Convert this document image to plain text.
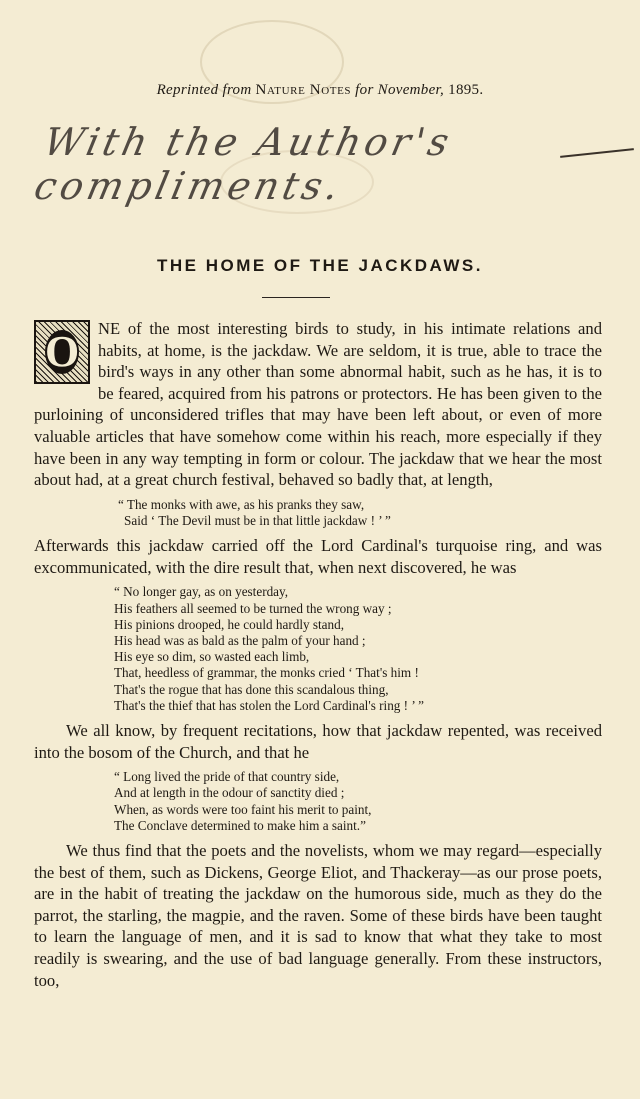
Reprinted from Nature Notes for November, 1895.
With the Author's compliments.
THE HOME OF THE JACKDAWS.

O NE of the most interesting birds to study, in his intimate relations and habits, at home, is the jackdaw. We are seldom, it is true, able to trace the bird's ways in any other than some abnormal habit, such as he has, it is to be feared, acquired from his patrons or protectors. He has been given to the purloining of unconsidered trifles that may have been left about, or even of more valuable articles that have somehow come within his reach, more especially if they have been in any way tempting in form or colour. The jackdaw that we hear the most about had, at a great church festival, behaved so badly that, at length,

“ The monks with awe, as his pranks they saw,
Said ‘ The Devil must be in that little jackdaw ! ’ ”

Afterwards this jackdaw carried off the Lord Cardinal's turquoise ring, and was excommunicated, with the dire result that, when next discovered, he was

“ No longer gay, as on yesterday,
His feathers all seemed to be turned the wrong way ;
His pinions drooped, he could hardly stand,
His head was as bald as the palm of your hand ;
His eye so dim, so wasted each limb,
That, heedless of grammar, the monks cried ‘ That's him !
That's the rogue that has done this scandalous thing,
That's the thief that has stolen the Lord Cardinal's ring ! ’ ”

We all know, by frequent recitations, how that jackdaw repented, was received into the bosom of the Church, and that he

“ Long lived the pride of that country side,
And at length in the odour of sanctity died ;
When, as words were too faint his merit to paint,
The Conclave determined to make him a saint.”

We thus find that the poets and the novelists, whom we may regard—especially the best of them, such as Dickens, George Eliot, and Thackeray—as our prose poets, are in the habit of treating the jackdaw on the humorous side, much as they do the parrot, the starling, the magpie, and the raven. Some of these birds have been taught to learn the language of men, and it is sad to know that what they take to most readily is swearing, and the use of bad language generally. From these instructors, too,
